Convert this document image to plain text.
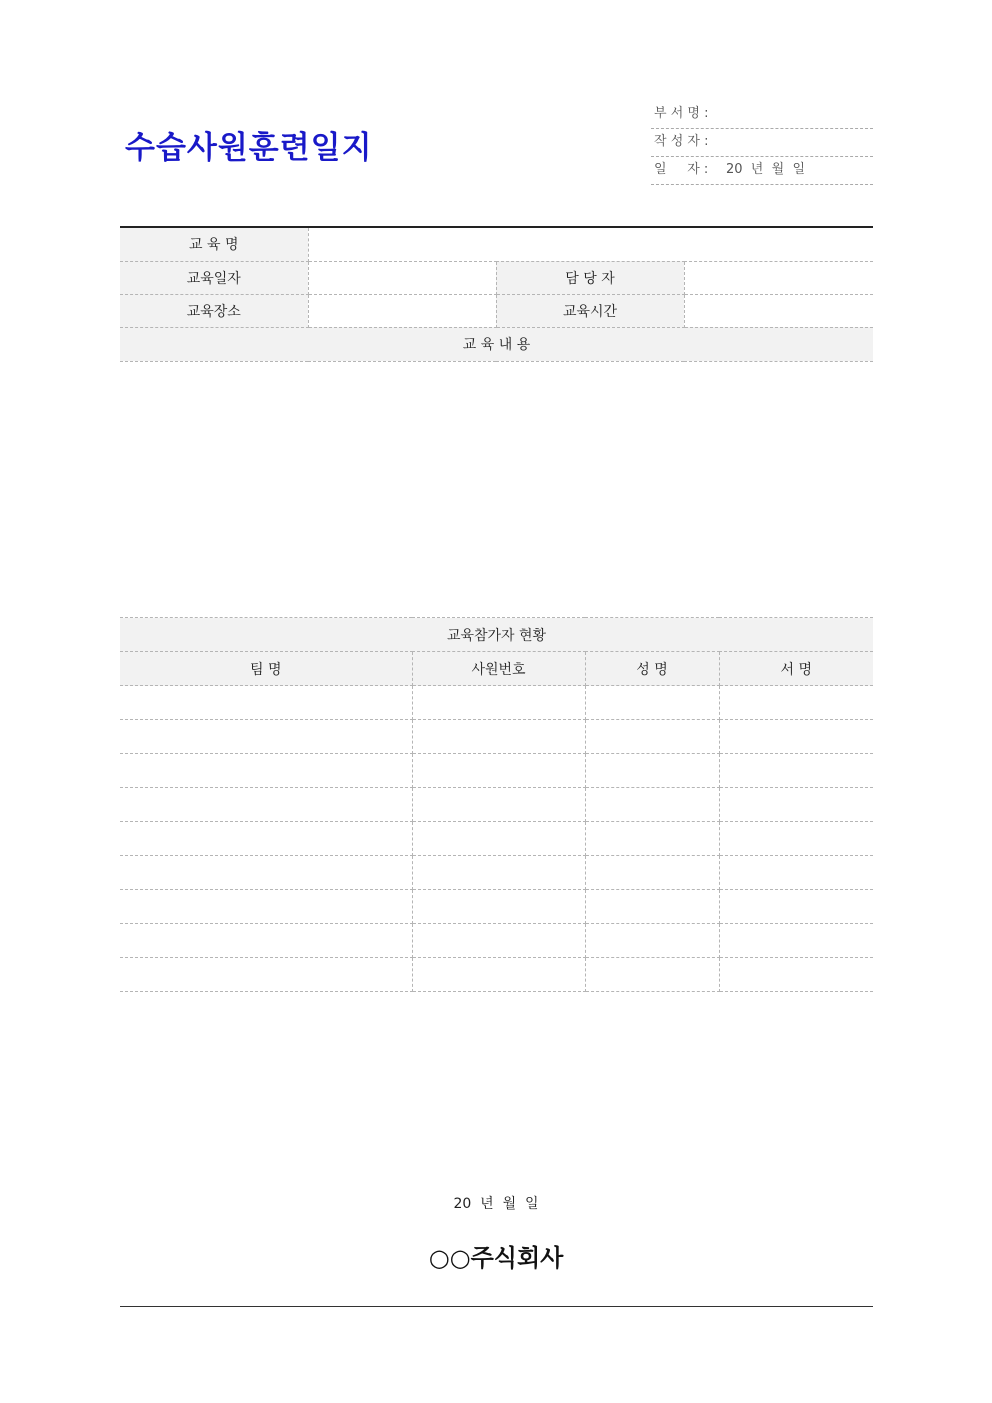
수습사원훈련일지
부 서 명 :
작 성 자 :
일     자 :	20  년  월  일
교 육 명			
교육일자		담 당 자	
교육장소		교육시간	
교 육 내 용			
교육참가자 현황			
팀 명	사원번호	성 명	서 명

20  년  월  일
○○주식회사
